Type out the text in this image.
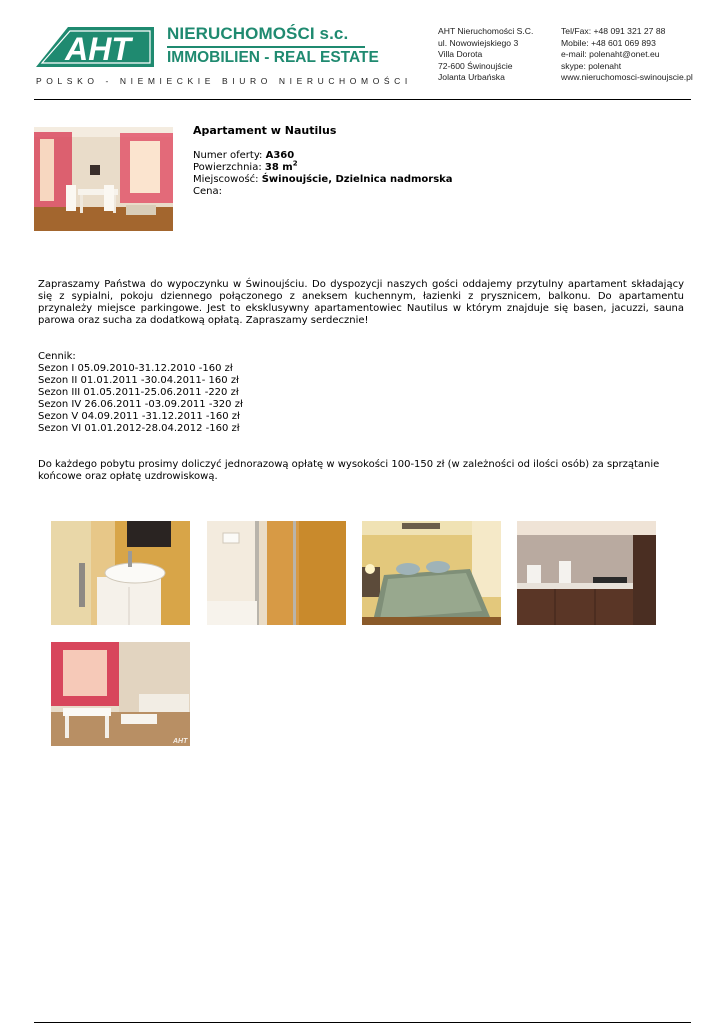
AHT NIERUCHOMOŚCI s.c.
IMMOBILIEN - REAL ESTATE
POLSKO - NIEMIECKIE BIURO NIERUCHOMOŚCI
AHT Nieruchomości S.C.
ul. Nowowiejskiego 3
Villa Dorota
72-600 Świnoujście
Jolanta Urbańska
Tel/Fax: +48 091 321 27 88
Mobile: +48 601 069 893
e-mail: polenaht@onet.eu
skype: polenaht
www.nieruchomosci-swinoujscie.pl
Apartament w Nautilus
Numer oferty: A360
Powierzchnia: 38 $m^2$
Miejscowość: Świnoujście, Dzielnica nadmorska
Cena:
Zapraszamy Państwa do wypoczynku w Świnoujściu. Do dyspozycji naszych gości oddajemy przytulny apartament składający się z sypialni, pokoju dziennego połączonego z aneksem kuchennym, łazienki z prysznicem, balkonu. Do apartamentu przynależy miejsce parkingowe. Jest to eksklusywny apartamentowiec Nautilus w którym znajduje się basen, jacuzzi, sauna parowa oraz sucha za dodatkową opłatą. Zapraszamy serdecznie!
Cennik:
Sezon I 05.09.2010-31.12.2010 -160 zł
Sezon II 01.01.2011 -30.04.2011- 160 zł
Sezon III 01.05.2011-25.06.2011 -220 zł
Sezon IV 26.06.2011 -03.09.2011 -320 zł
Sezon V 04.09.2011 -31.12.2011 -160 zł
Sezon VI 01.01.2012-28.04.2012 -160 zł
Do każdego pobytu prosimy doliczyć jednorazową opłatę w wysokości 100-150 zł (w zależności od ilości osób) za sprzątanie końcowe oraz opłatę uzdrowiskową.
AHT
